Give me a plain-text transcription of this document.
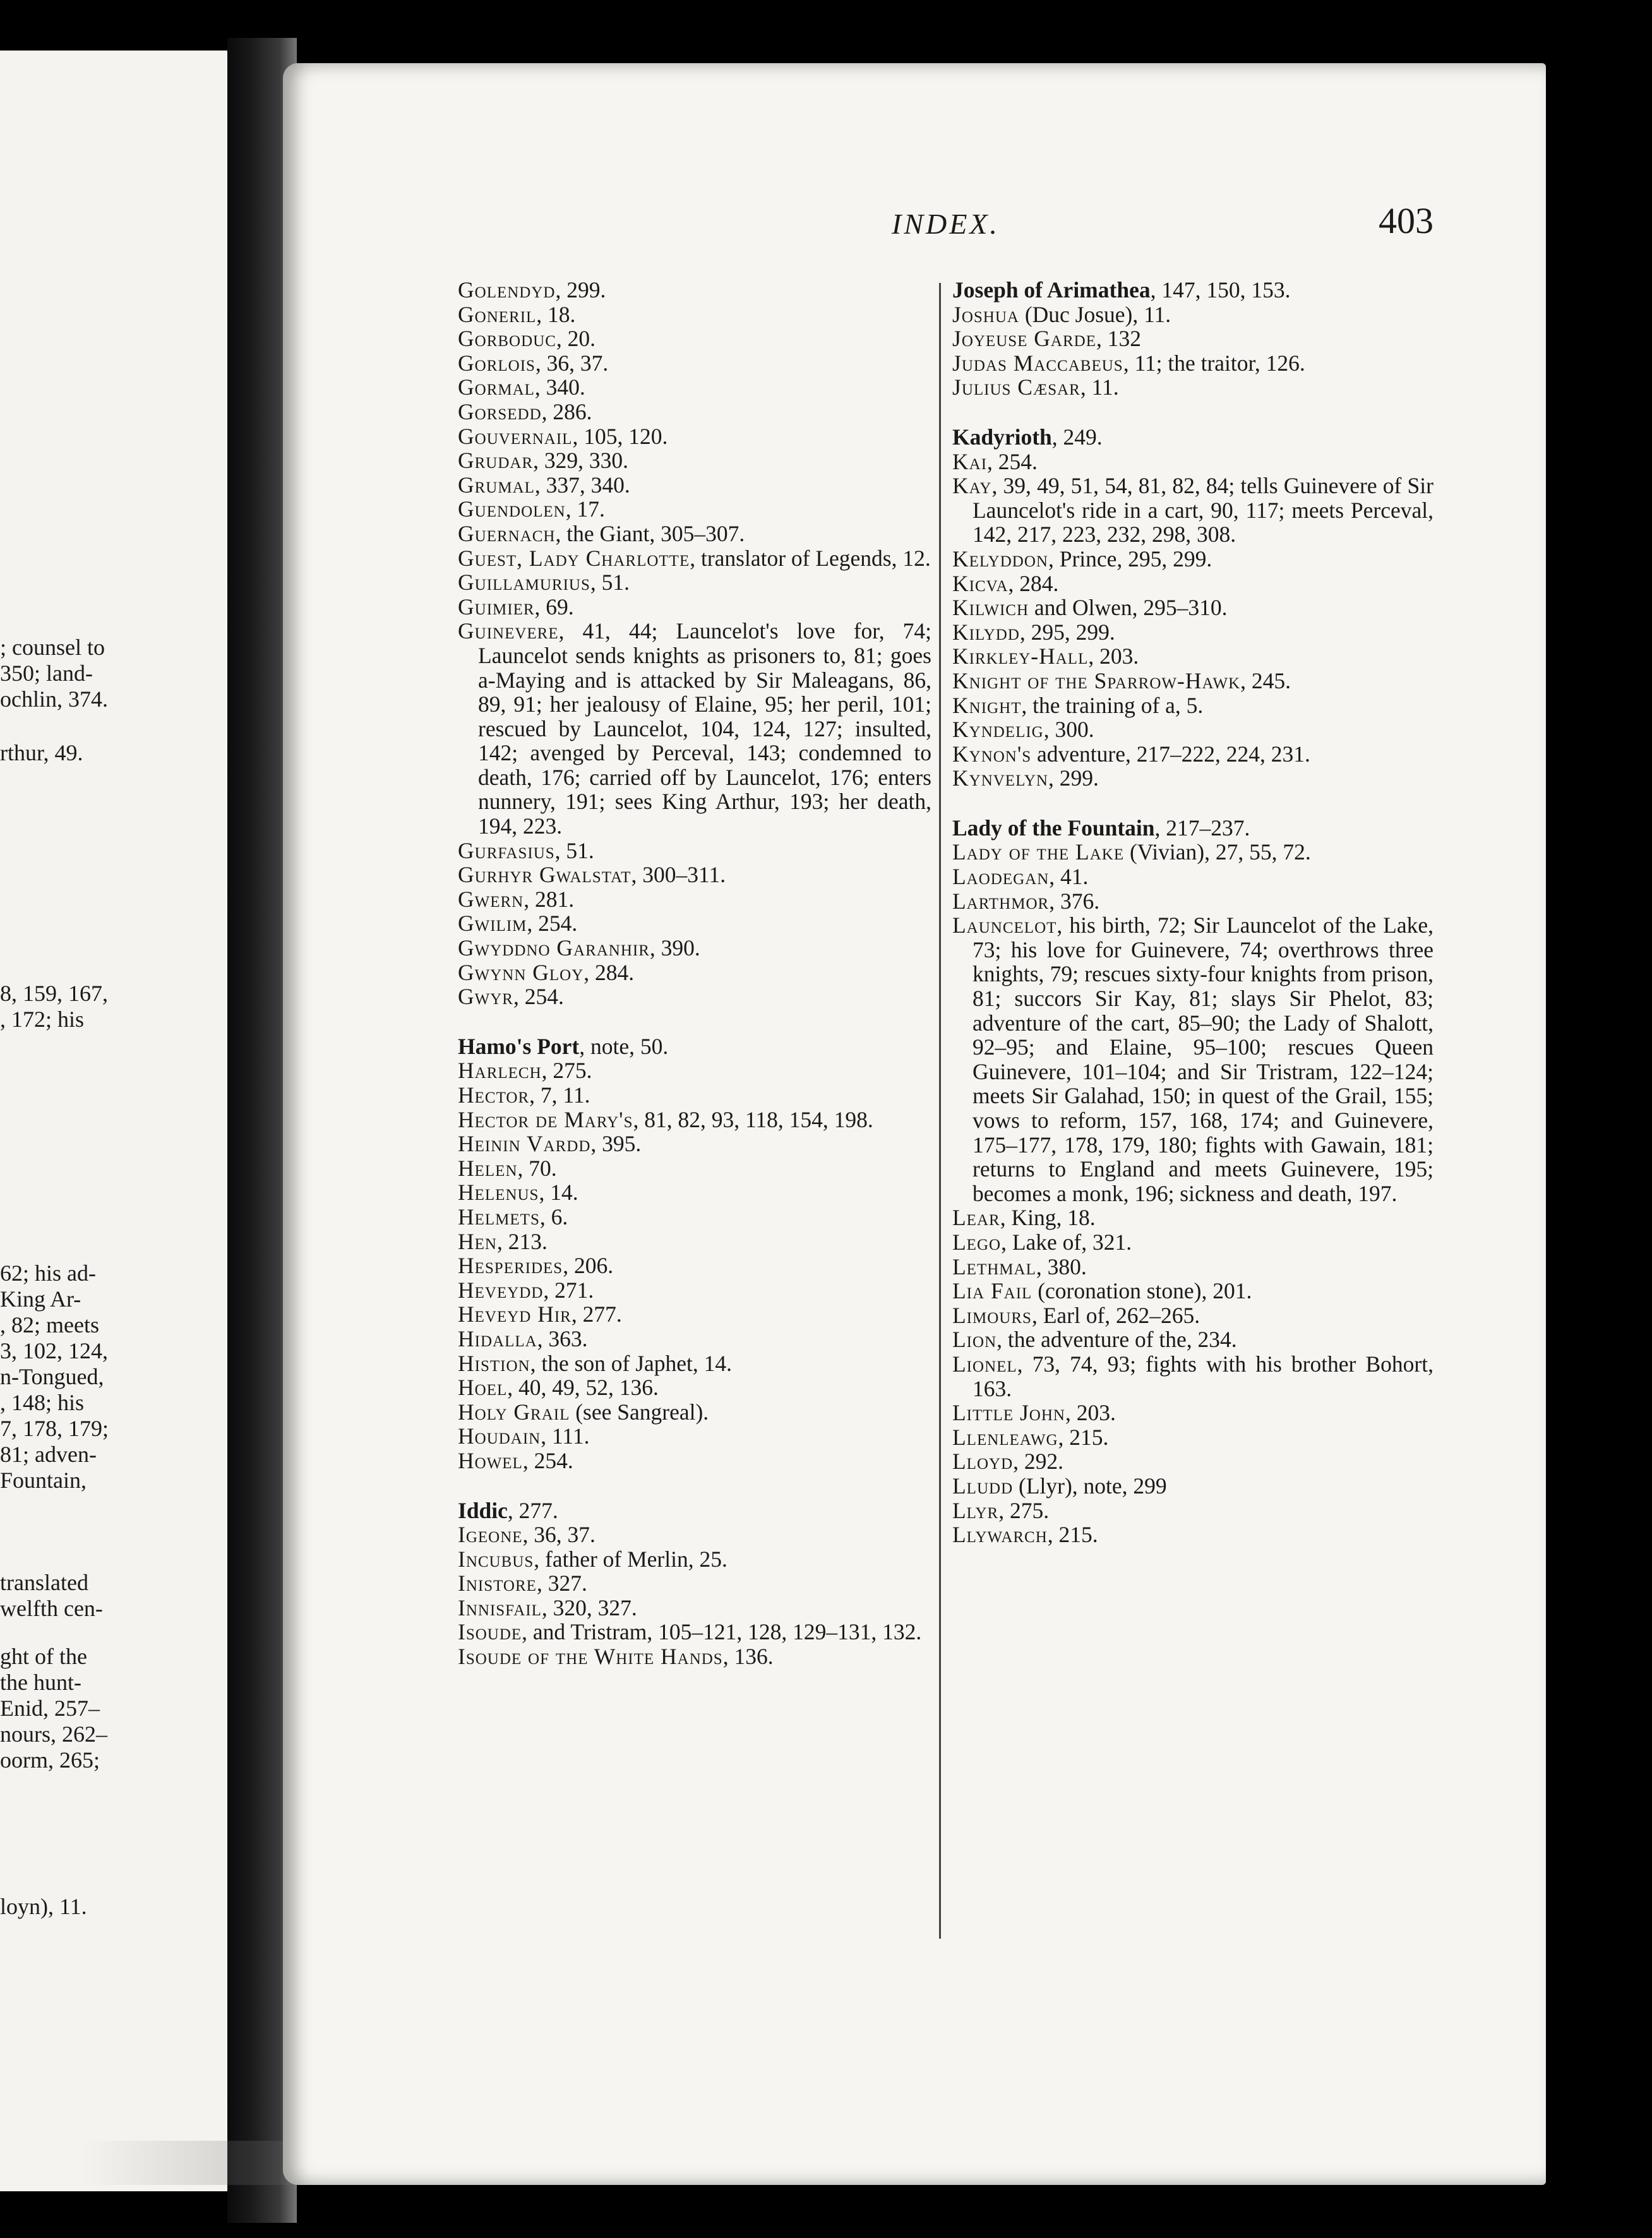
; counsel to
350; land-
ochlin, 374.
rthur, 49.
8, 159, 167,
, 172; his
62; his ad-
King Ar-
, 82; meets
3, 102, 124,
n-Tongued,
, 148; his
7, 178, 179;
81; adven-
Fountain,
translated
welfth cen-
ght of the
the hunt-
Enid, 257–
nours, 262–
oorm, 265;
loyn), 11.
INDEX.	403
Golendyd, 299.
Goneril, 18.
Gorboduc, 20.
Gorlois, 36, 37.
Gormal, 340.
Gorsedd, 286.
Gouvernail, 105, 120.
Grudar, 329, 330.
Grumal, 337, 340.
Guendolen, 17.
Guernach, the Giant, 305–307.
Guest, Lady Charlotte, translator of Legends, 12.
Guillamurius, 51.
Guimier, 69.
Guinevere, 41, 44; Launcelot's love for, 74; Launcelot sends knights as prisoners to, 81; goes a-Maying and is attacked by Sir Maleagans, 86, 89, 91; her jealousy of Elaine, 95; her peril, 101; rescued by Launcelot, 104, 124, 127; insulted, 142; avenged by Perceval, 143; condemned to death, 176; carried off by Launcelot, 176; enters nunnery, 191; sees King Arthur, 193; her death, 194, 223.
Gurfasius, 51.
Gurhyr Gwalstat, 300–311.
Gwern, 281.
Gwilim, 254.
Gwyddno Garanhir, 390.
Gwynn Gloy, 284.
Gwyr, 254.
Hamo's Port, note, 50.
Harlech, 275.
Hector, 7, 11.
Hector de Mary's, 81, 82, 93, 118, 154, 198.
Heinin Vardd, 395.
Helen, 70.
Helenus, 14.
Helmets, 6.
Hen, 213.
Hesperides, 206.
Heveydd, 271.
Heveyd Hir, 277.
Hidalla, 363.
Histion, the son of Japhet, 14.
Hoel, 40, 49, 52, 136.
Holy Grail (see Sangreal).
Houdain, 111.
Howel, 254.
Iddic, 277.
Igeone, 36, 37.
Incubus, father of Merlin, 25.
Inistore, 327.
Innisfail, 320, 327.
Isoude, and Tristram, 105–121, 128, 129–131, 132.
Isoude of the White Hands, 136.
Joseph of Arimathea, 147, 150, 153.
Joshua (Duc Josue), 11.
Joyeuse Garde, 132
Judas Maccabeus, 11; the traitor, 126.
Julius Cæsar, 11.
Kadyrioth, 249.
Kai, 254.
Kay, 39, 49, 51, 54, 81, 82, 84; tells Guinevere of Sir Launcelot's ride in a cart, 90, 117; meets Perceval, 142, 217, 223, 232, 298, 308.
Kelyddon, Prince, 295, 299.
Kicva, 284.
Kilwich and Olwen, 295–310.
Kilydd, 295, 299.
Kirkley-Hall, 203.
Knight of the Sparrow-Hawk, 245.
Knight, the training of a, 5.
Kyndelig, 300.
Kynon's adventure, 217–222, 224, 231.
Kynvelyn, 299.
Lady of the Fountain, 217–237.
Lady of the Lake (Vivian), 27, 55, 72.
Laodegan, 41.
Larthmor, 376.
Launcelot, his birth, 72; Sir Launcelot of the Lake, 73; his love for Guinevere, 74; overthrows three knights, 79; rescues sixty-four knights from prison, 81; succors Sir Kay, 81; slays Sir Phelot, 83; adventure of the cart, 85–90; the Lady of Shalott, 92–95; and Elaine, 95–100; rescues Queen Guinevere, 101–104; and Sir Tristram, 122–124; meets Sir Galahad, 150; in quest of the Grail, 155; vows to reform, 157, 168, 174; and Guinevere, 175–177, 178, 179, 180; fights with Gawain, 181; returns to England and meets Guinevere, 195; becomes a monk, 196; sickness and death, 197.
Lear, King, 18.
Lego, Lake of, 321.
Lethmal, 380.
Lia Fail (coronation stone), 201.
Limours, Earl of, 262–265.
Lion, the adventure of the, 234.
Lionel, 73, 74, 93; fights with his brother Bohort, 163.
Little John, 203.
Llenleawg, 215.
Lloyd, 292.
Lludd (Llyr), note, 299
Llyr, 275.
Llywarch, 215.
